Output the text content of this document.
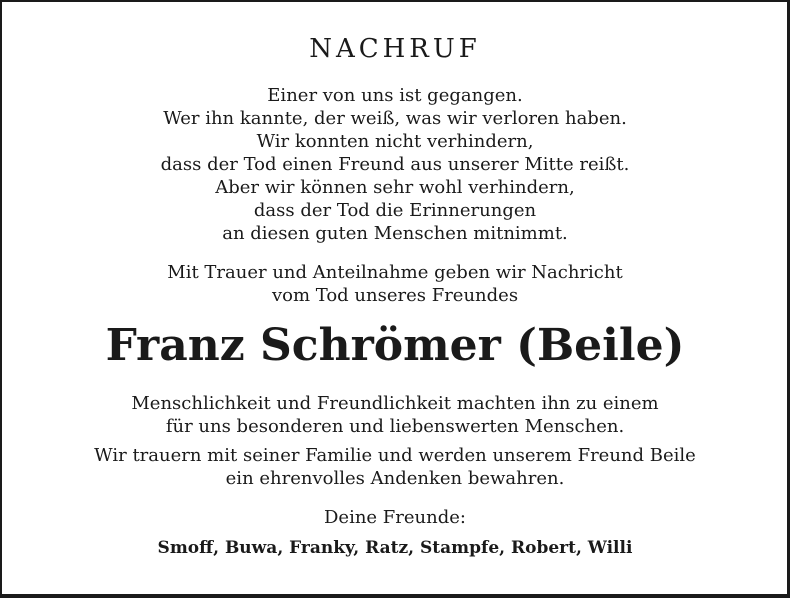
NACHRUF
Einer von uns ist gegangen.
Wer ihn kannte, der weiß, was wir verloren haben.
Wir konnten nicht verhindern,
dass der Tod einen Freund aus unserer Mitte reißt.
Aber wir können sehr wohl verhindern,
dass der Tod die Erinnerungen
an diesen guten Menschen mitnimmt.
Mit Trauer und Anteilnahme geben wir Nachricht
vom Tod unseres Freundes
Franz Schrömer (Beile)
Menschlichkeit und Freundlichkeit machten ihn zu einem
für uns besonderen und liebenswerten Menschen.
Wir trauern mit seiner Familie und werden unserem Freund Beile
ein ehrenvolles Andenken bewahren.
Deine Freunde:
Smoff, Buwa, Franky, Ratz, Stampfe, Robert, Willi
